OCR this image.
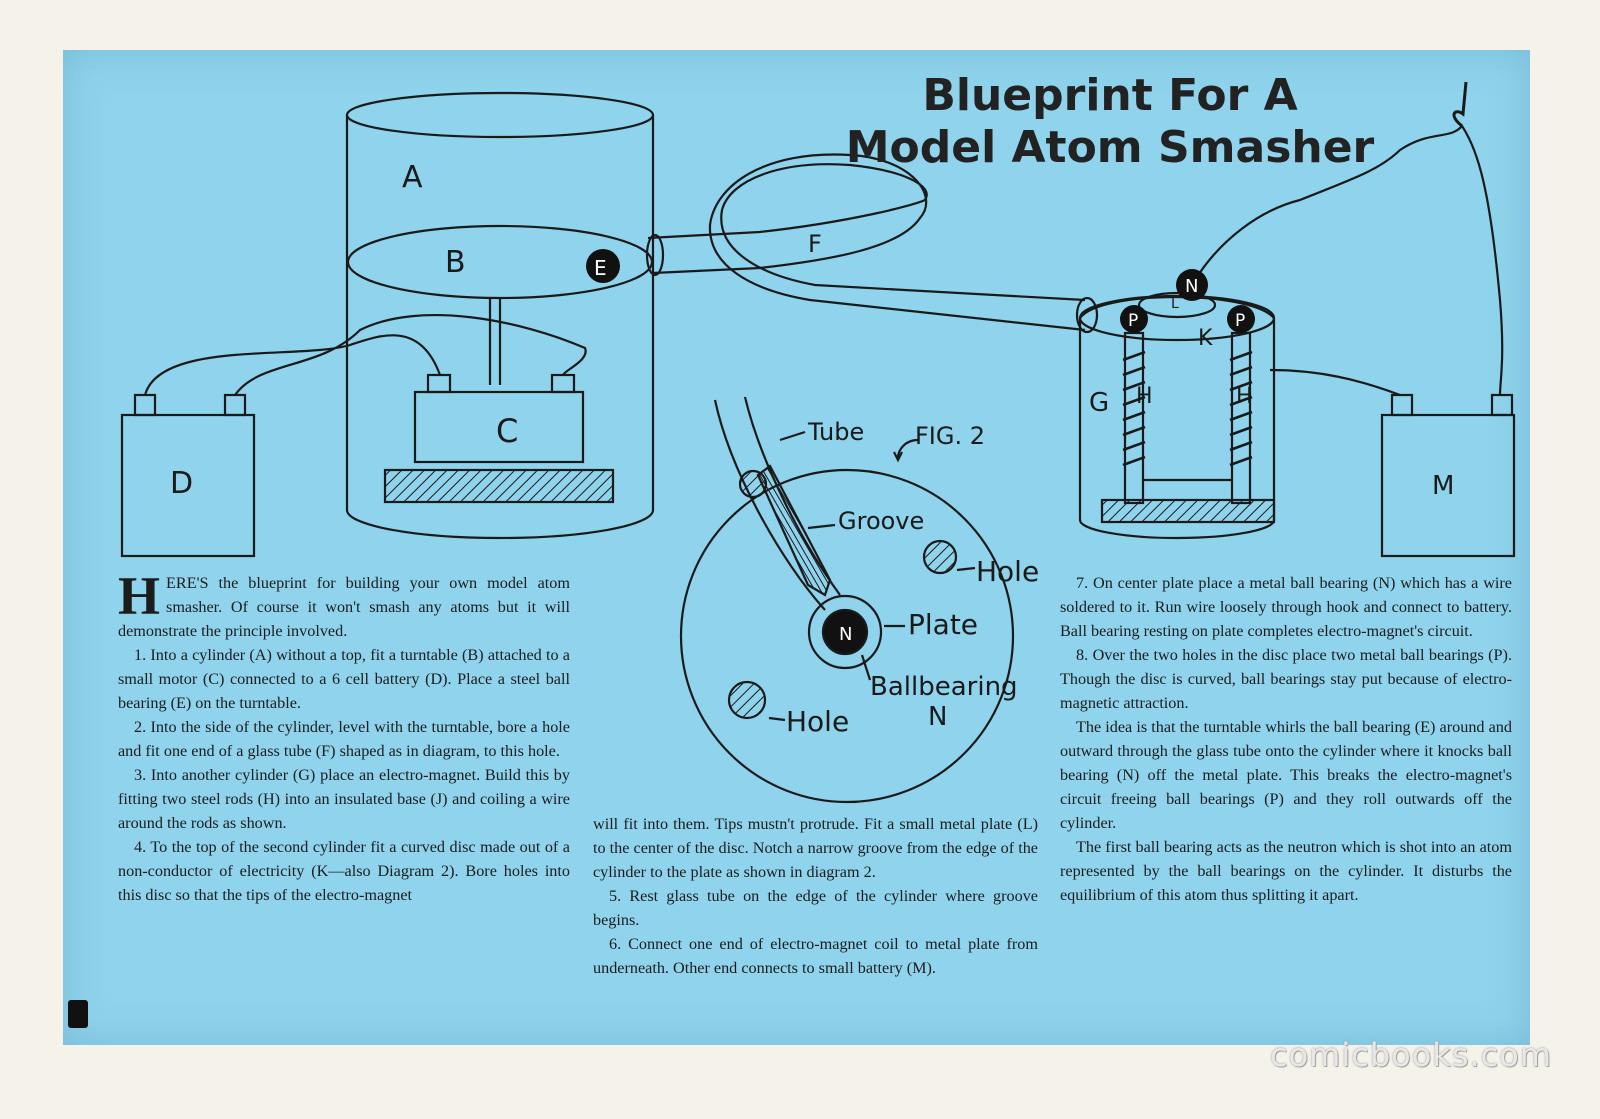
A
B
C
D
E
F
G H	H
K
L
M
N
P	P
FIG. 2
Tube
Groove
Hole
Plate
Ballbearing
N
Hole
N
Blueprint For A
Model Atom Smasher

HERE'S the blueprint for building your own model atom smasher. Of course it won't smash any atoms but it will demonstrate the principle involved.

1. Into a cylinder (A) without a top, fit a turntable (B) attached to a small motor (C) connected to a 6 cell battery (D). Place a steel ball bearing (E) on the turntable.

2. Into the side of the cylinder, level with the turntable, bore a hole and fit one end of a glass tube (F) shaped as in diagram, to this hole.

3. Into another cylinder (G) place an electro-magnet. Build this by fitting two steel rods (H) into an insulated base (J) and coiling a wire around the rods as shown.

4. To the top of the second cylinder fit a curved disc made out of a non-conductor of electricity (K—also Diagram 2). Bore holes into this disc so that the tips of the electro-magnet

will fit into them. Tips mustn't protrude. Fit a small metal plate (L) to the center of the disc. Notch a narrow groove from the edge of the cylinder to the plate as shown in diagram 2.

5. Rest glass tube on the edge of the cylinder where groove begins.

6. Connect one end of electro-magnet coil to metal plate from underneath. Other end connects to small battery (M).

7. On center plate place a metal ball bearing (N) which has a wire soldered to it. Run wire loosely through hook and connect to battery. Ball bearing resting on plate completes electro-magnet's circuit.

8. Over the two holes in the disc place two metal ball bearings (P). Though the disc is curved, ball bearings stay put because of electro-magnetic attraction.

The idea is that the turntable whirls the ball bearing (E) around and outward through the glass tube onto the cylinder where it knocks ball bearing (N) off the metal plate. This breaks the electro-magnet's circuit freeing ball bearings (P) and they roll outwards off the cylinder.

The first ball bearing acts as the neutron which is shot into an atom represented by the ball bearings on the cylinder. It disturbs the equilibrium of this atom thus splitting it apart.

comicbooks.com
